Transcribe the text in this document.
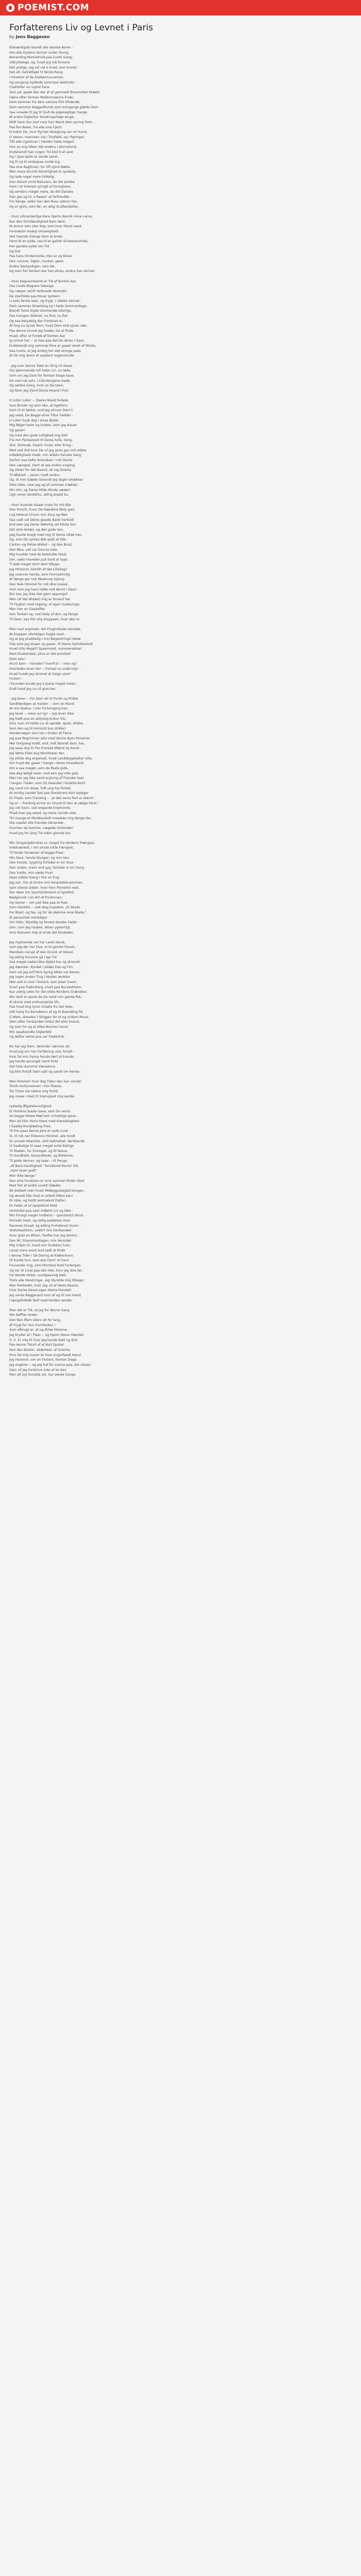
POEMIST.COM
Forfatterens Liv og Levnet i Paris
by Jens Baggesen
Eldværdigste blandt alle danske Koner -
Hos alle Dydens Venner under Young,
Bevanding Mumiehvid paa Livets Gang;
Udtryktelige, og, hvad jeg må forsone
Det yndige, jeg vel vel e hvad, som kroner
Det alt, betrettiget til første Rang
I Hirsdom af de Kialberinuvventer,
Og sengong hyddrde somrrose Vestinde! -
Chatlotte! en ulykst Fane
Som yd, ejede den der af et gammelt Breumsted Skæbl)
Fæne ofter formen Mellemnaerins Ende:
Dem kommer fra dem samme Pim tilhænde,
Dem sammer Baggesflunds som evingengs glæde Dem
Saa vovede til jeg til Sivlt de pigenegtiger Sange
Af andre Digterbyr koudringsrhøje Iange,
Midt hans Vov sovl naar han Mand dem syning frem,
Paa fire Beien, fra alle sine Fjerd:
Erindrer Do, hvor fig hen Alveglung ver mi Hund,
O Vøxen, mennsen vig I Trosfaldi, og I fipringer;
Tifs alle Ligestiver i Herden halte meget!
Hen as mig Isfeer det enebru i afornolund,
Endskiendt han nogen Tid bod ti at aver
Og i Lysa sjelle at vende Løver,
Og til ng til endogsaa vorde Ing.
Paa sine Bagfoven, for tift ojord Bælle,
Men mere strunkt Alsvirlighed et spræsle,
Og Iade nogel mere Folkelig
Han strevd vrord Naturers, da det Jadske
Ham i et Interest syrngtl at forroghere,
Og sendsru meget mere, da det Danske
Han gas og til, o Rasen! at forfrendde -
For Sønge, selen han den Rusu udsnvr har,
Og er igiim, som før, en atlig Snaflandstiler.
- Hvor uforanderlige Kans Hjerte dannik mine vanre,
Kan den Omstændighed Dem lære;
At Armor selv (der dog, som hver Mand veed,
Formæssir endog Umuelighed)
Ved Seende Gienge Sem at bride,
Først til en Julde, saa til et gallisk Schweiziurinde,
Her ganske sydet om Tid
Og Fiid
Paa hans Omdemorke; Hen er og böver
Den rumme, Sigter, murket, gører
Endnu bestandigen, som før;
Og som fior femten Aar han skreu, endnu han skriver.
- Hvor begivenheerst er Tid af femten Aar
Paa Livets Magrere lobenge,
Og nægen ve(d) Verbvede Vemnde!
De stenfolde paa Rover Ignhem
I Lvets første Vaar, og trygt, I vfekke Vanner,
Dem sammer Straelsing og I hede Sommerdage,
Blandt Tome Sigde stormende Udvirga,
Paa mangen Skibnet, no find, nu fiet
Og saa betydelig den Forskiad er,
At ting nu synes fiern, hvad Dem end synes nær,
Paa denne Grund jeg haabe, De at finde
Hvad, efter et Forløb af femten Aar
Ig vinner her -- at Haa paa det De skreo I Gaar;
Endskiendt mig sammæ lilms er gaaet neret af Minde,
Saa rivets, at jeg endog her slet eninge pass,
At De mig skrev et saadant nogenminde.
- Jeg sver denne Trøst en Strig vil staue -
Oly glemmende mit fader Liv, nu tøde,
Som om jeg Dem for femten Stage taue;
De ved nok selv, I Lille-Kongens-Gade,
Og seldne Gang, hvor os De tiere;
Og fører Jeg Vjord Deres Haand I Fior;
O Lolle! Lolle! -- (Deres Mand forlade,
Som Broder og som Ven, at ligefrem,
Som til et Søster, end jeg skriver Dem!)
Jeg veed, De Begge stive Tiltor hadde) -
O Lolle! husk dog I disse Blade
Mig følger heler og hviden, som jeg stauer
Og gauer!
Og med den gode Lellighed mig blot
Fra min Pariserpult til Deres Sofa, Seng,
Stol, Stolevæ, Gaard, Hvad, eller Ering -
Med ved Ord hvor De vil jeg jeres gav mit sidste
Udødeligheds Haab, min eldste Ganske Sang
Derfori saa hefte briendiser I mit Hierta
Den Længsel, Dem at see endnu engang,
Og sikker for det Baand, ak ing Skierte
Til Afskied -- seine I hedt endnu
Og, til mm Glæde (skiendt jeg dagle smækker
Dets Silke, naar Jeg og af Lommen trækker
Min Uhr, og Deres Hilde Minde væder)
Ligh veres Verdslihu, aldrig plasst bu.
- Hvor levende staaer male for mit Øie
Den Porsch, hvori De Gærdens Moly gad,
Lug Helenal Unuvn min Sorg og Møe
Saa vadt vel Deres glaede Bardi herfuld!
End seer jeg Deres Nøterlig vel bitola Son
Det strle Anlæs, og den gode Ven,
peg havde bragt med mig til Deres Glide hen,
Og, som De syntes Alle godt at lide -
Cantor--og Pallas-Wided -- og den Brud,
Hen Bloo, udt var Dorcos Sale,
Mig hvudde med de beleindte Skud,
Der, udeir Hoveder just tiord at lage,
Ti lade meget stort dem tiByge;
Jeg Hirtamm Zemith af det Lilleitag?
Jeg veanner hende, som Formodninlig
At længe gar nok Weahnog Sjelvig
Den hele Himmel for mit dire iraaser,
Som som jeg hanz talde ned dennt i Gaar!
Ekn kan jeg ikke slet glem oppvirge?
Men (af det Middel) mig er forsent her
Til Flygtan med Urgeng, af ogen Gudevinge;
Men hen en Gaaselfier
Hen Tanken og, ved Hielp af den, og tienge
Til Dem, saa fort stig Kroppeen, hver den er.
Men naal ergimale, det Flugtmikalel slevede,
At Kroppen uforlstigen fulgte med -
Og at jeg plustbelig I min Begeistrings Hiede
Flas som jeg staaer og gaaer, til Deres Opholdsstod!
Hvad ville Maget? Spaernood, vummendelse!
Med Studsenlast, Jülus er det amviled!
Dem selv!
Hun(i kom -- hinnden? hvorfra? -- men og!
Hvorledes lever De! -- Fortaal os undervigl! -
Hvad husde jeg skrevet at Saige vare?
hvarer! -
I brunden kunde jeg e jeane meget meen,
Endt hvad jeg nu vil give her;
- Jeg lever -- For Dem alt til Punkt og Prikke
Sandfærdigen at melder -- som en Mand
At min Nadun, i min Forbringing kan;
Jeg lever -- mere sul og! -- jeg lever ikke;
Jeg hadt paa en sellyleig Enkon Vlo,
Hvis man vil halde Liv et aandæ, spise, drikke,
Som den og til min(e)st kan drikke)
Hendervøgen Gen her I Enden af Fleira,
Jeg paa Regrinmen selv med denne Byes Personer
Mer Omgiang holdt, end, mdt iblandt dem, her;
Jeg saae dog ör Par Franske Mænd og Koner;
Jeg lærte Eillel dog Monitoerer der,
Og ellisle dog engensst, hvad Landsbygeseiter ville,
Om hvad der gaaer i Sange I deres Hovedland.
Om e saa meget, som de fleste gide,
Saa deg lødigt meer, end selv jeg ville gad,
Men her jeg ikke sand ergiving af Franske Saer
I langen Tidder, som Sit Haandet i Huskild Aluhl
Jeg vand om disse, Fuft ung har fortalt.
At rendig Landet fast paa Danskvers Kort opteger
En Plads, som Franking -- ,at den eene Part er større",
Og er -- Frankrig at har en Grund til den at sælge Ferst."
Jeg vet havn, ved engande Erqimonde
Phad hver Jeg weed, og mere, kunde vide,
Thi mange et Mindesvärdt maaskee mig længe der,
Ola naadet alle Franske Generaler,
Hvorhen de komme, vægede Vinteraler!
Hvad jeg for lang Tid siden glemte her.
Min Omgangsbindres er, langst fra Verdens Trængsel,
Indskrænket, I mit smule lukte Fængsel,
Til tende Vanærser af begge Plaer:
Min Fane, hende Nivoger, og min Sen;
Den Fanste, syge(i)g forlader ei sin Stue -
Den anden, meer end syg, forlader ei sin Seng -
Den tredie, min sæde Frue!
Saae sidste Giang I Fior en Eng -
Jeg seir, fire at fordre min Hospitable Jemmen,
Som otlerst sidder, hver Fern Pomishin ned;
Der ideer om Spontanbmend vil Igietled;
Nedgiivvet I sin Art af Fricitinnen;
Og rezner -- om just ikke paa et Rad,
Som Hankkle -- ved steg maadere „til Skade
For Blaut, og fey, og for de skønme rene Blade,"
Et personlisk Herlediga!
Om Odin, Skjoldig og forrest danske Sader -
Den, som Jeg haaber, Woen ygwertigt,
Hvis Nosvasn mig at ende det Klodaden.
Jeg mgmemde ver har Laret dansk,
Som jeg der har Sive, ei til gamlst fransk,
Mandsen nerupl af den Grund, et blevel,
Og aldrig honome gå I Ige Tid
Saa meget sadarvilles digtet har og skrevet!
Jeg dæmker, Kyndet i jellæs Das og Flin:
Som vel jeg er(F)ikre Sprog bikke var beven;
Jeg ingen anden Ting I Verden ænbker
Men seit lo vset I Kivtenl, som jeaer hvem,
Snart paa Frøbinberg, snart paa Buraeskhem.
Kun aldrig uden for det elske Nordens Grændser;
Min Verk er spore de De vend min gamle Rib,
Al skrive med enthusiastisk lifv,
Paa hvad ting tyren trisalle fra det Hele,
Udt hang fra Barndlemn af og til Boendling fie
G Mem, skeaden I Skiggen for et og andem Mave,
Dem efter Forstanden tinkul del eller brevel,
Og som for og et Alles Nonnes havel;
Min opadvendte Digterblik
Og Aefter eeme paa ver Frederkrb.
Nu har jeg Dem, Veninde! nævnes alt,
Hvad jeg om min Forfatning ved, fortalt -
Hvis De min Fanny hende lært at kiende,
Jeg havde sprunget nemt forbi
Det hele dummre Vævsørice,
Og blot fortalt Dem satt og sandt om hende -
Men Himmel! hvor dog Tiden den kan vende!
Troob multyveaiven i min Poesie,
Tre Timer ere Ialdne mig fortid
Jeg maae i Hast til Slamsgied ring sende,
Lykkelig Åfgatelevarlighed
Et Himlens brede Gave, som De vemå
Os begge blewe Mæl tem vrindelige gave -
Men alt tiler Harle Hiere med Kiemsklaghed
I Saadig Kierglæding Fred,
Til frie paas denne Jord at nyde Livet.
Vi, til rob ner Eldorens Himmel, alle fundt
En smuke Ideemlid, rahh befrednet, deriblandt;
Vi Saabelige til saae meget enlel bidrige
Til Staden, for Ensmpel, og til Skove,
Til Sundheid, Sissundhede, og Rettemer,
Til gode Venner, og saae -- til Penge,
„Af Bare Hardtighed," forsikkred Rector Olt,
„Ham lever godt"
Men ikke længe."
Den eine Forskitan-er hvor sammel finder Sted
Med Talt af andre Livetit Glæder,
Ak dobbelt men hvert Midleggulsagtet kongen,
Og ærede fals Hoal er enkelt tilbes kan!
En Isbe, og holdt sentnalerd Datter -
En Fader af et opspiskrid Sted
Hemtritet paa Leet miBelm Liv og Død -
Min Forsigt meger hvdlend -- spontantch Brud -
Periodis hiest, og sellig ealdelses Sure
Racenes Graad, og elding Frvlobenet Gurer -
Vodnilsesthem, vedel'l min Fantlandse!
Hvor glad en Ørken, Pasfier,har jeg dermic -
Den Mi, tilsammentagen, min Veninde!
Mig indpin til, hvad min Gudskou hver,
Langt mere suurt end sødt at finde
I denne Tider I De Demig at Kiøbenhavn.
Ol kunde hun, som ene Farm' et Savn
Forvander mig, som Morrlens Kold Forlengen
Og ser et Livet paa den Hke, hvor jeg ikke før,
For Kende sikker, sundgaavnig Død,
Troils alle Hendringer, jeg Idyndde mig tilbage!
Men foshtedet, hver jeg, et af deres Baand,
Hvis Styrke Deres egen Hierte kiendet!
Jeg vente Røggenard mun af og til min Hand,
I længsfollede Betf med Horden sender.
Men det er Tid, at jeg for denne Gang
Min Beffter ender;
Den Ben iflem ellers alt for lang,
Af Frygt for min Fremfarden i
Som afbrugt er, at og Ærbe Molerne,
Jeg Kryder af i Fleer -- og hjarer Deres Hænder.
O, 5, Er mig til Sver Jeg havde Kabl og Sint
Paa denne Tistvil af et Kort Epistel
Hun den Brister, ubærheel, af Smerte;
Hvis De mig svarer et Hver engmfaedt Hans!
Jeg Havener, om en Fortiert, femten Dage,
Jeg engbrer -- og Jeg haf for sverve paa, det staaer:
Dem vil jeg forskrive inde af en Kan
Men alt jeg forreste vel, har sende Sange.
